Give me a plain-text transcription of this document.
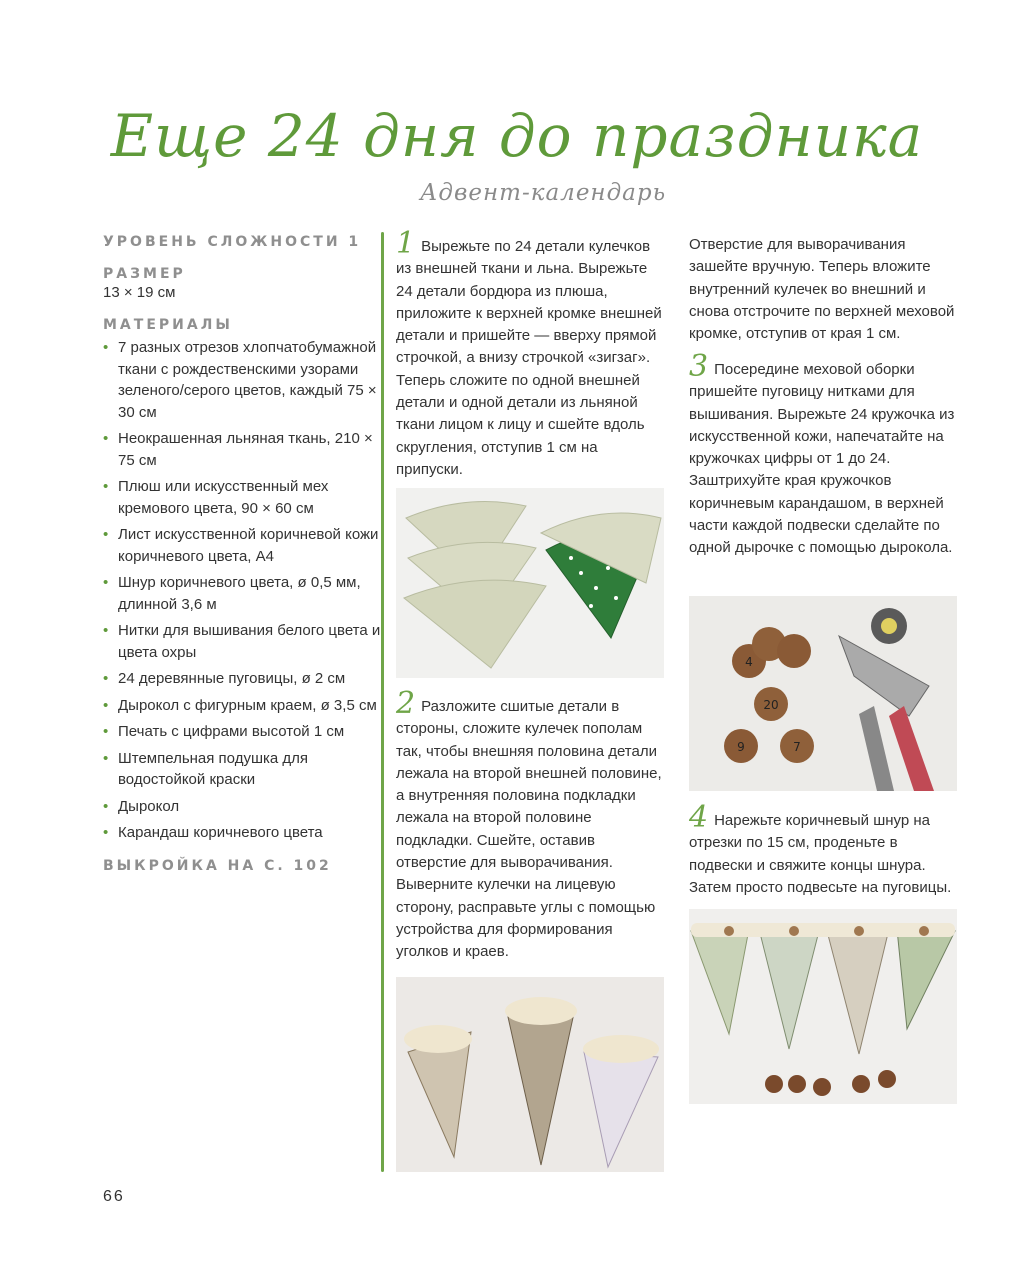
Еще 24 дня до праздника
Адвент-календарь

УРОВЕНЬ СЛОЖНОСТИ 1

РАЗМЕР

13 × 19 см

МАТЕРИАЛЫ

• 7 разных отрезов хлопчатобумажной ткани с рождественскими узорами зеленого/серого цветов, каждый 75 × 30 см
• Неокрашенная льняная ткань, 210 × 75 см
• Плюш или искусственный мех кремового цвета, 90 × 60 см
• Лист искусственной коричневой кожи коричневого цвета, А4
• Шнур коричневого цвета, ø 0,5 мм, длинной 3,6 м
• Нитки для вышивания белого цвета и цвета охры
• 24 деревянные пуговицы, ø 2 см
• Дырокол с фигурным краем, ø 3,5 см
• Печать с цифрами высотой 1 см
• Штемпельная подушка для водостойкой краски
• Дырокол
• Карандаш коричневого цвета

ВЫКРОЙКА НА С. 102

1 Вырежьте по 24 детали кулечков из внешней ткани и льна. Вырежьте 24 детали бордюра из плюша, приложите к верхней кромке внешней детали и пришейте — вверху прямой строчкой, а внизу строчкой «зигзаг». Теперь сложите по одной внешней детали и одной детали из льняной ткани лицом к лицу и сшейте вдоль скругления, отступив 1 см на припуски.

2 Разложите сшитые детали в стороны, сложите кулечек пополам так, чтобы внешняя половина детали лежала на второй внешней половине, а внутренняя половина подкладки лежала на второй половине подкладки. Сшейте, оставив отверстие для выворачивания. Выверните кулечки на лицевую сторону, расправьте углы с помощью устройства для формирования уголков и краев.

Отверстие для выворачивания зашейте вручную. Теперь вложите внутренний кулечек во внешний и снова отстрочите по верхней меховой кромке, отступив от края 1 см.

3 Посередине меховой оборки пришейте пуговицу нитками для вышивания. Вырежьте 24 кружочка из искусственной кожи, напечатайте на кружочках цифры от 1 до 24. Заштрихуйте края кружочков коричневым карандашом, в верхней части каждой подвески сделайте по одной дырочке с помощью дырокола.

4
20
9	7

4 Нарежьте коричневый шнур на отрезки по 15 см, проденьте в подвески и свяжите концы шнура. Затем просто подвесьте на пуговицы.

66
